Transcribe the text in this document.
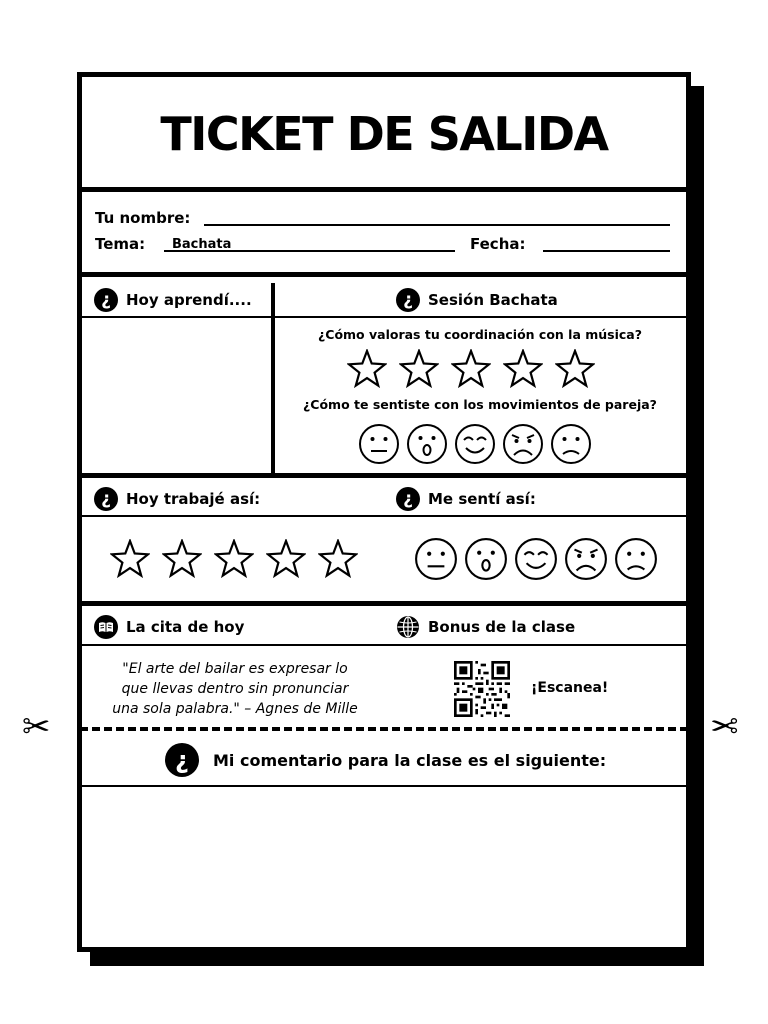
TICKET DE SALIDA
Tu nombre:
Tema: Bachata	Fecha:
¿	Hoy aprendí....	¿	Sesión Bachata
¿Cómo valoras tu coordinación con la música?
¿Cómo te sentiste con los movimientos de pareja?
¿	Hoy trabajé así:	¿	Me sentí así:
La cita de hoy	Bonus de la clase
"El arte del bailar es expresar lo
que llevas dentro sin pronunciar
una sola palabra." – Agnes de Mille
¡Escanea!
¿	Mi comentario para la clase es el siguiente:
✂	✂
